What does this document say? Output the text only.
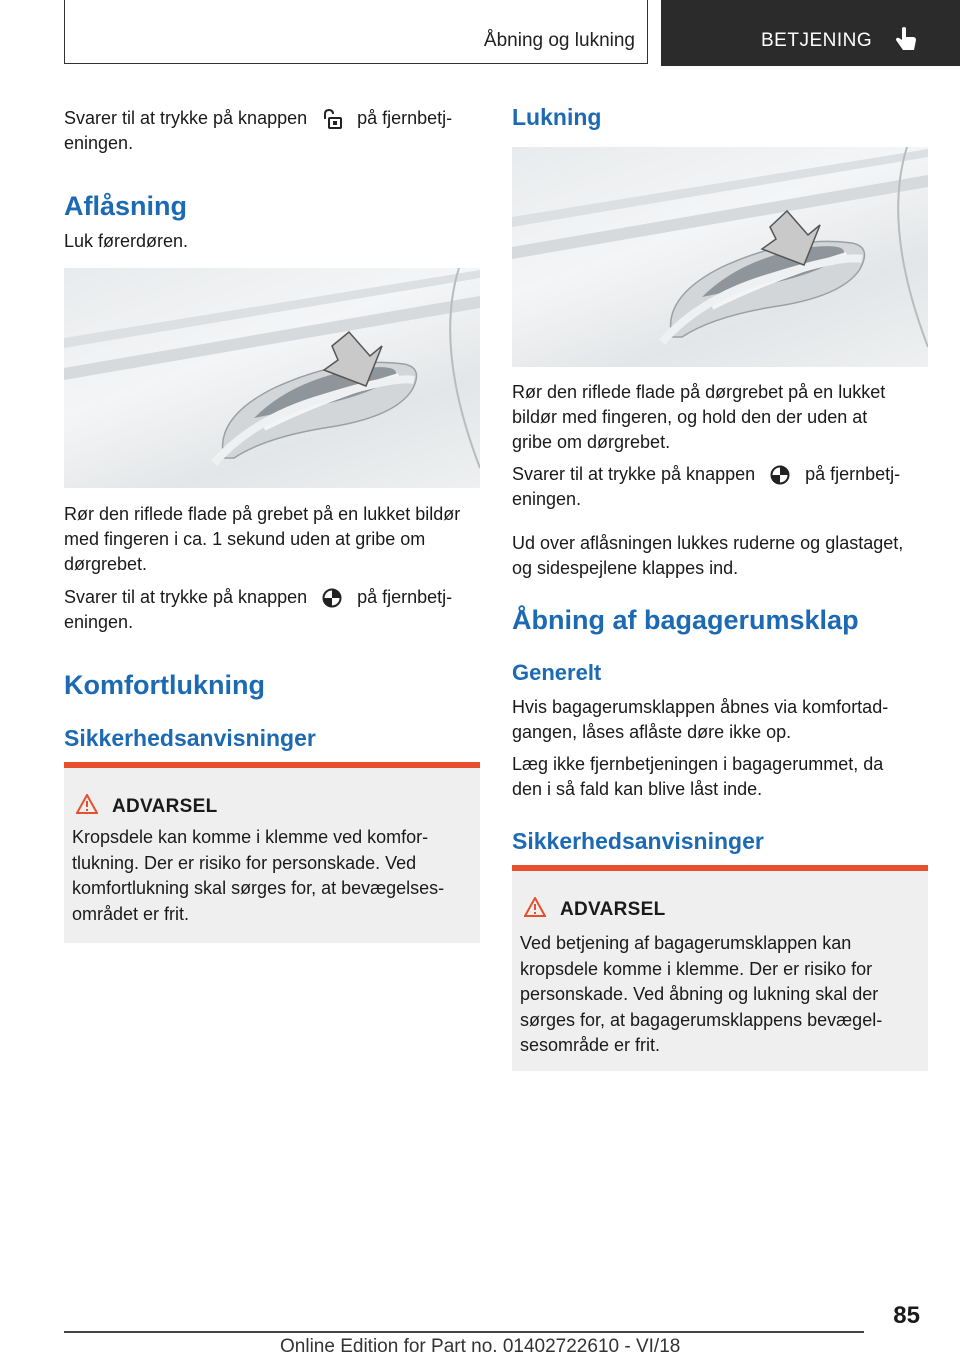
Åbning og lukning	BETJENING

Svarer til at trykke på knappen	på fjernbetj‐

eningen.

Aflåsning

Luk førerdøren.

Rør den riflede flade på grebet på en lukket bildør

med fingeren i ca. 1 sekund uden at gribe om

dørgrebet.

Svarer til at trykke på knappen	på fjernbetj‐

eningen.

Komfortlukning
Sikkerhedsanvisninger
ADVARSEL
Kropsdele kan komme i klemme ved komfor‐
tlukning. Der er risiko for personskade. Ved
komfortlukning skal sørges for, at bevægelses‐
området er frit.
Lukning

Rør den riflede flade på dørgrebet på en lukket

bildør med fingeren, og hold den der uden at

gribe om dørgrebet.

Svarer til at trykke på knappen	på fjernbetj‐

eningen.

Ud over aflåsningen lukkes ruderne og glastaget,

og sidespejlene klappes ind.

Åbning af bagagerumsklap
Generelt

Hvis bagagerumsklappen åbnes via komfortad‐

gangen, låses aflåste døre ikke op.

Læg ikke fjernbetjeningen i bagagerummet, da

den i så fald kan blive låst inde.

Sikkerhedsanvisninger
ADVARSEL
Ved betjening af bagagerumsklappen kan
kropsdele komme i klemme. Der er risiko for
personskade. Ved åbning og lukning skal der
sørges for, at bagagerumsklappens bevægel‐
sesområde er frit.
85
Online Edition for Part no. 01402722610 - VI/18
